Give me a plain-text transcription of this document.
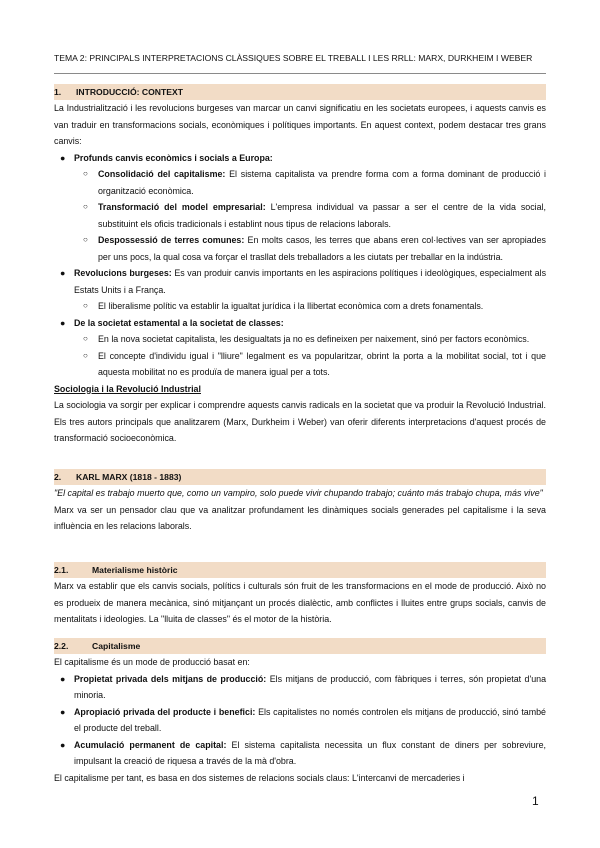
TEMA 2: PRINCIPALS INTERPRETACIONS CLÀSSIQUES SOBRE EL TREBALL I LES RRLL: MARX, DURKHEIM I WEBER
1. INTRODUCCIÓ: CONTEXT

La Industrialització i les revolucions burgeses van marcar un canvi significatiu en les societats europees, i aquests canvis es van traduir en transformacions socials, econòmiques i polítiques importants. En aquest context, podem destacar tres grans canvis:

● Profunds canvis econòmics i socials a Europa:
○ Consolidació del capitalisme: El sistema capitalista va prendre forma com a forma dominant de producció i organització econòmica.
○ Transformació del model empresarial: L'empresa individual va passar a ser el centre de la vida social, substituint els oficis tradicionals i establint nous tipus de relacions laborals.
○ Despossessió de terres comunes: En molts casos, les terres que abans eren col·lectives van ser apropiades per uns pocs, la qual cosa va forçar el trasllat dels treballadors a les ciutats per treballar en la indústria.
● Revolucions burgeses: Es van produir canvis importants en les aspiracions polítiques i ideològiques, especialment als Estats Units i a França.
○ El liberalisme polític va establir la igualtat jurídica i la llibertat econòmica com a drets fonamentals.
● De la societat estamental a la societat de classes:
○ En la nova societat capitalista, les desigualtats ja no es defineixen per naixement, sinó per factors econòmics.
○ El concepte d'individu igual i "lliure" legalment es va popularitzar, obrint la porta a la mobilitat social, tot i que aquesta mobilitat no es produïa de manera igual per a tots.

Sociologia i la Revolució Industrial

La sociologia va sorgir per explicar i comprendre aquests canvis radicals en la societat que va produir la Revolució Industrial. Els tres autors principals que analitzarem (Marx, Durkheim i Weber) van oferir diferents interpretacions d'aquest procés de transformació socioeconòmica.

2. KARL MARX (1818 - 1883)

"El capital es trabajo muerto que, como un vampiro, solo puede vivir chupando trabajo; cuánto más trabajo chupa, más vive"

Marx va ser un pensador clau que va analitzar profundament les dinàmiques socials generades pel capitalisme i la seva influència en les relacions laborals.

2.1.	Materialisme històric

Marx va establir que els canvis socials, polítics i culturals són fruit de les transformacions en el mode de producció. Això no es produeix de manera mecànica, sinó mitjançant un procés dialèctic, amb conflictes i lluites entre grups socials, canvis de mentalitats i ideologies. La "lluita de classes" és el motor de la història.

2.2.	Capitalisme

El capitalisme és un mode de producció basat en:

● Propietat privada dels mitjans de producció: Els mitjans de producció, com fàbriques i terres, són propietat d'una minoria.
● Apropiació privada del producte i benefici: Els capitalistes no només controlen els mitjans de producció, sinó també el producte del treball.
● Acumulació permanent de capital: El sistema capitalista necessita un flux constant de diners per sobreviure, impulsant la creació de riquesa a través de la mà d'obra.

El capitalisme per tant, es basa en dos sistemes de relacions socials claus: L'intercanvi de mercaderies i

1
